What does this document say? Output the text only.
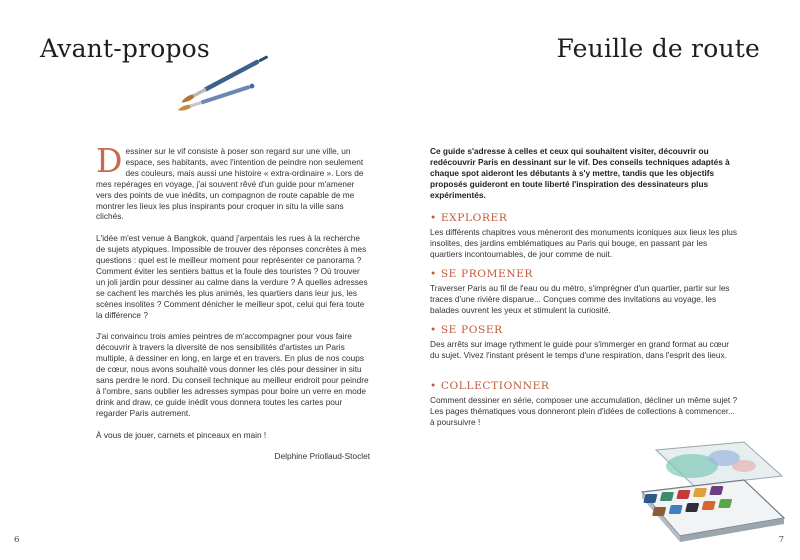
Avant-propos

Dessiner sur le vif consiste à poser son regard sur une ville, un espace, ses habitants, avec l'intention de peindre non seulement des couleurs, mais aussi une histoire « extra-ordinaire ». Lors de mes repérages en voyage, j'ai souvent rêvé d'un guide pour m'amener vers des points de vue inédits, un compagnon de route capable de me montrer les lieux les plus inspirants pour croquer in situ la ville sans clichés.

L'idée m'est venue à Bangkok, quand j'arpentais les rues à la recherche de sujets atypiques. Impossible de trouver des réponses concrètes à mes questions : quel est le meilleur moment pour représenter ce panorama ? Comment éviter les sentiers battus et la foule des touristes ? Où trouver un joli jardin pour dessiner au calme dans la verdure ? À quelles adresses se cachent les marchés les plus animés, les quartiers dans leur jus, les scènes insolites ? Comment dénicher le meilleur spot, celui qui fera toute la différence ?

J'ai convaincu trois amies peintres de m'accompagner pour vous faire découvrir à travers la diversité de nos sensibilités d'artistes un Paris multiple, à dessiner en long, en large et en travers. En plus de nos coups de cœur, nous avons souhaité vous donner les clés pour dessiner in situ sans perdre le nord. Du conseil technique au meilleur endroit pour peindre à l'ombre, sans oublier les adresses sympas pour boire un verre en mode drink and draw, ce guide inédit vous donnera toutes les cartes pour regarder Paris autrement.

À vous de jouer, carnets et pinceaux en main !

Delphine Priollaud-Stoclet

6
Feuille de route

Ce guide s'adresse à celles et ceux qui souhaitent visiter, découvrir ou redécouvrir Paris en dessinant sur le vif. Des conseils techniques adaptés à chaque spot aideront les débutants à s'y mettre, tandis que les objectifs proposés guideront en toute liberté l'inspiration des dessinateurs plus expérimentés.

• EXPLORER

Les différents chapitres vous mèneront des monuments iconiques aux lieux les plus insolites, des jardins emblématiques au Paris qui bouge, en passant par les quartiers incontournables, de jour comme de nuit.

• SE PROMENER

Traverser Paris au fil de l'eau ou du métro, s'imprégner d'un quartier, partir sur les traces d'une rivière disparue... Conçues comme des invitations au voyage, les balades ouvrent les yeux et stimulent la curiosité.

• SE POSER

Des arrêts sur image rythment le guide pour s'immerger en grand format au cœur du sujet. Vivez l'instant présent le temps d'une respiration, dans l'esprit des lieux.

• COLLECTIONNER

Comment dessiner en série, composer une accumulation, décliner un même sujet ? Les pages thématiques vous donneront plein d'idées de collections à commencer... à poursuivre !

7
